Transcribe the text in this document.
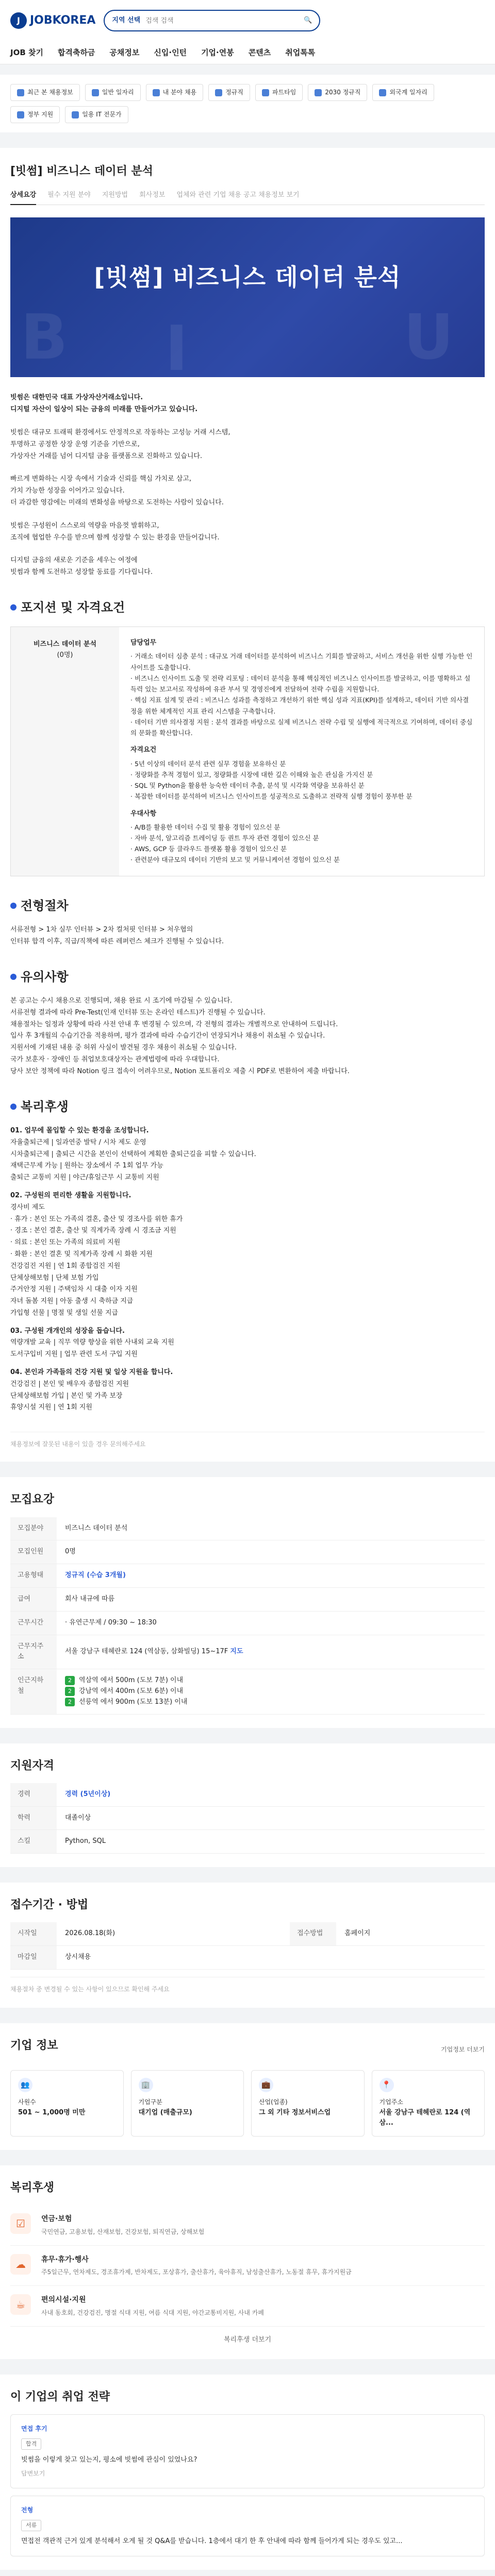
J JOBKOREA 지역 선택
검색 검색	🔍
JOB 찾기 합격축하금 공채정보 신입·인턴 기업·연봉 콘텐츠 취업톡톡
최근 본 채용정보	일반 일자리	내 분야 채용	정규직	파트타임	2030 정규직	외국계 일자리
정부 지원	일용 IT 전문가
[빗썸] 비즈니스 데이터 분석
상세요강 필수 지원 분야 지원방법 회사정보 업체와 관련 기업 채용 공고 채용정보 보기
B I	U
[빗썸] 비즈니스 데이터 분석

빗썸은 대한민국 대표 가상자산거래소입니다.

디지털 자산이 일상이 되는 금융의 미래를 만들어가고 있습니다.

빗썸은 대규모 트래픽 환경에서도 안정적으로 작동하는 고성능 거래 시스템,

투명하고 공정한 상장 운영 기준을 기반으로,

가상자산 거래를 넘어 디지털 금융 플랫폼으로 진화하고 있습니다.

빠르게 변화하는 시장 속에서 기술과 신뢰를 핵심 가치로 삼고,

가치 가능한 성장을 이어가고 있습니다.

더 과감한 영감에는 미래의 변화성을 바탕으로 도전하는 사람이 있습니다.

빗썸은 구성원이 스스로의 역량을 마음껏 발휘하고,

조직에 협업한 우수를 받으며 함께 성장할 수 있는 환경을 만들어갑니다.

디지털 금융의 새로운 기준을 세우는 여정에

빗썸과 함께 도전하고 성장할 동료를 기다립니다.

포지션 및 자격요건
비즈니스 데이터 분석
(0명)
담당업무

· 거래소 데이터 심층 분석 : 대규모 거래 데이터를 분석하여 비즈니스 기회를 발굴하고, 서비스 개선을 위한 실행 가능한 인사이트를 도출합니다.

· 비즈니스 인사이트 도출 및 전략 리포팅 : 데이터 분석을 통해 핵심적인 비즈니스 인사이트를 발굴하고, 이를 명확하고 설득력 있는 보고서로 작성하여 유관 부서 및 경영진에게 전달하여 전략 수립을 지원합니다.

· 핵심 지표 설계 및 관리 : 비즈니스 성과를 측정하고 개선하기 위한 핵심 성과 지표(KPI)를 설계하고, 데이터 기반 의사결정을 위한 체계적인 지표 관리 시스템을 구축합니다.

· 데이터 기반 의사결정 지원 : 분석 결과를 바탕으로 실제 비즈니스 전략 수립 및 실행에 적극적으로 기여하며, 데이터 중심의 문화를 확산합니다.

자격요건

· 5년 이상의 데이터 분석 관련 실무 경험을 보유하신 분

· 정량화를 추적 경험이 있고, 정량화를 시장에 대한 깊은 이해와 높은 관심을 가지신 분

· SQL 및 Python을 활용한 능숙한 데이터 추출, 분석 및 시각화 역량을 보유하신 분

· 복잡한 데이터를 분석하여 비즈니스 인사이트를 성공적으로 도출하고 전략적 실행 경험이 풍부한 분

우대사항

· A/B를 활용한 데이터 수집 및 활용 경험이 있으신 분

· 자바 분석, 알고리즘 트레이딩 등 퀀트 투자 관련 경험이 있으신 분

· AWS, GCP 등 클라우드 플랫폼 활용 경험이 있으신 분

· 관련분야 대규모의 데이터 기반의 보고 및 커뮤니케이션 경험이 있으신 분

전형절차

서류전형 > 1차 실무 인터뷰 > 2차 컬처핏 인터뷰 > 처우협의

인터뷰 합격 이후, 직급/직책에 따른 레퍼런스 체크가 진행될 수 있습니다.

유의사항

본 공고는 수시 채용으로 진행되며, 채용 완료 시 조기에 마감될 수 있습니다.

서류전형 결과에 따라 Pre-Test(인재 인터뷰 또는 온라인 테스트)가 진행될 수 있습니다.

채용절차는 일정과 상황에 따라 사전 안내 후 변경될 수 있으며, 각 전형의 결과는 개별적으로 안내하여 드립니다.

입사 후 3개월의 수습기간을 적용하며, 평가 결과에 따라 수습기간이 연장되거나 채용이 취소될 수 있습니다.

지원서에 기재된 내용 중 허위 사실이 발견될 경우 채용이 취소될 수 있습니다.

국가 보훈자 · 장애인 등 취업보호대상자는 관계법령에 따라 우대합니다.

당사 보안 정책에 따라 Notion 링크 접속이 어려우므로, Notion 포트폴리오 제출 시 PDF로 변환하여 제출 바랍니다.

복리후생

01. 업무에 몰입할 수 있는 환경을 조성합니다.

자율출퇴근제 | 일과연중 발탁 / 시차 제도 운영

시차출퇴근제 | 출퇴근 시간을 본인이 선택하여 계획한 출퇴근길을 피할 수 있습니다.

재택근무제 가능 | 원하는 장소에서 주 1회 업무 가능

출퇴근 교통비 지원 | 야근/휴일근무 시 교통비 지원

02. 구성원의 편리한 생활을 지원합니다.

경사비 제도

· 휴가 : 본인 또는 가족의 결혼, 출산 및 경조사를 위한 휴가

· 경조 : 본인 결혼, 출산 및 직계가족 장례 시 경조금 지원

· 의료 : 본인 또는 가족의 의료비 지원

· 화환 : 본인 결혼 및 직계가족 장례 시 화환 지원

건강검진 지원 | 연 1회 종합검진 지원

단체상해보험 | 단체 보험 가입

주거안정 지원 | 주택임차 시 대출 이자 지원

자녀 돌봄 지원 | 아동 출생 시 축하금 지급

가입형 선물 | 명절 및 생일 선물 지급

03. 구성원 개개인의 성장을 돕습니다.

역량개발 교육 | 직무 역량 향상을 위한 사내외 교육 지원

도서구입비 지원 | 업무 관련 도서 구입 지원

04. 본인과 가족들의 건강 지원 및 일상 지원을 합니다.

건강검진 | 본인 및 배우자 종합검진 지원

단체상해보험 가입 | 본인 및 가족 보장

휴양시설 지원 | 연 1회 지원

채용정보에 잘못된 내용이 있을 경우 문의해주세요
모집요강
모집분야	비즈니스 데이터 분석
모집인원	0명
고용형태	정규직 (수습 3개월)
급여	회사 내규에 따름
근무시간	· 유연근무제 / 09:30 ~ 18:30
근무지주소	서울 강남구 테헤란로 124 (역삼동, 삼화빌딩) 15~17F 지도
인근지하철	2 역삼역 에서 500m (도보 7분) 이내
2 강남역 에서 400m (도보 6분) 이내
2 선릉역 에서 900m (도보 13분) 이내
지원자격
경력	경력 (5년이상)
학력	대졸이상
스킬	Python, SQL
접수기간 · 방법
시작일	2026.08.18(화)	접수방법	홈페이지
마감일	상시채용		
채용절차 중 변경될 수 있는 사항이 있으므로 확인해 주세요
기업 정보	기업정보 더보기
👥
사원수
501 ~ 1,000명 미만
🏢
기업구분
대기업 (매출규모)
💼
산업(업종)
그 외 기타 정보서비스업
📍
기업주소
서울 강남구 테헤란로 124 (역삼...
복리후생
☑	연금·보험

국민연금, 고용보험, 산재보험, 건강보험, 퇴직연금, 상해보험

☁	휴무·휴가·행사

주5일근무, 연차제도, 경조휴가제, 반차제도, 포상휴가, 출산휴가, 육아휴직, 남성출산휴가, 노동절 휴무, 휴가지원금

☕	편의시설·지원

사내 동호회, 건강검진, 명절 식대 지원, 여름 식대 지원, 야간교통비지원, 사내 카페

복리후생 더보기
이 기업의 취업 전략
면접 후기
합격

빗썸을 이렇게 찾고 있는지, 평소에 빗썸에 관심이 있었나요?

답변보기
전형
서류

면접전 객관적 근거 있게 분석해서 오게 될 것 Q&A를 받습니다. 1층에서 대기 한 후 안내에 따라 함께 들어가게 되는 경우도 있고...
